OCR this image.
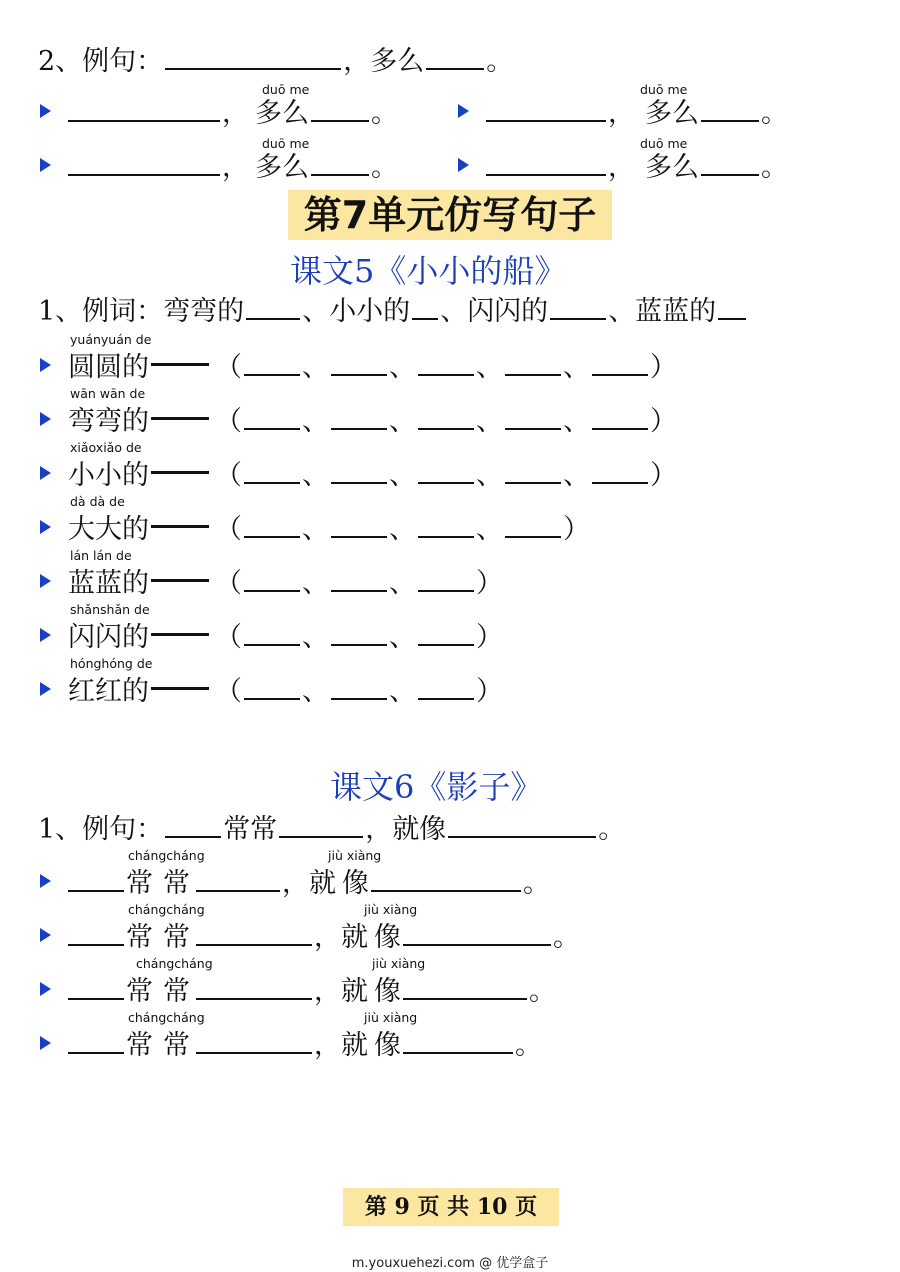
2、例句：	，多么 。
duō me	duō me
， 多么 。	， 多么 。
duō me	duō me
， 多么 。	， 多么 。
第7单元仿写句子
课文5《小小的船》
1、例词：弯弯的 、小小的 、闪闪的 、蓝蓝的
yuányuán de
圆圆的 （ 、 、 、 、 ）
wān wān de
弯弯的 （ 、 、 、 、 ）
xiǎoxiǎo de
小小的 （ 、 、 、 、 ）
dà dà de
大大的 （ 、 、 、 ）
lán lán de
蓝蓝的 （ 、 、 ）
shǎnshǎn de
闪闪的 （ 、 、 ）
hónghóng de
红红的 （ 、 、 ）
课文6《影子》
1、例句： 常常	，就像	。
chángcháng	jiù xiàng
常常	，就像	。
chángcháng	jiù xiàng
常常	，就像	。
chángcháng	jiù xiàng
常常	，就像	。
chángcháng	jiù xiàng
常常	，就像	。
第 9 页 共 10 页
m.youxuehezi.com @ 优学盒子
